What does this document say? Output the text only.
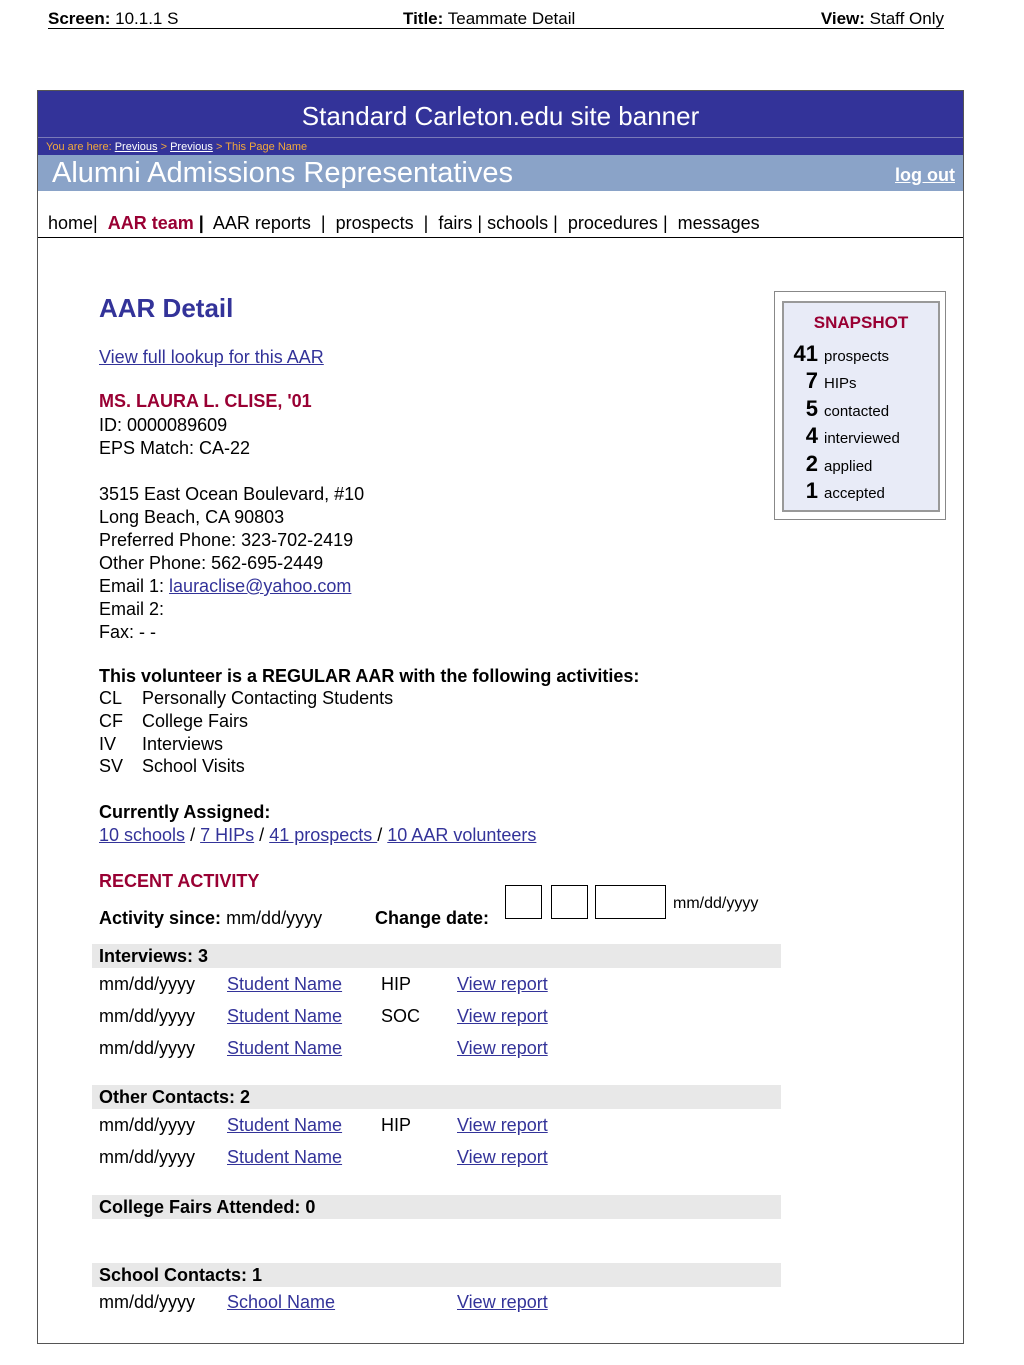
Screen: 10.1.1 S	Title: Teammate Detail	View: Staff Only
Standard Carleton.edu site banner
You are here: Previous > Previous > This Page Name
Alumni Admissions Representatives	log out
home| AAR team | AAR reports | prospects | fairs | schools | procedures | messages
AAR Detail
View full lookup for this AAR
MS. LAURA L. CLISE, '01
ID: 0000089609
EPS Match: CA-22
3515 East Ocean Boulevard, #10
Long Beach, CA 90803
Preferred Phone: 323-702-2419
Other Phone: 562-695-2449
Email 1: lauraclise@yahoo.com
Email 2:
Fax: - -
SNAPSHOT
41 prospects
7 HIPs
5 contacted
4 interviewed
2 applied
1 accepted
This volunteer is a REGULAR AAR with the following activities:
CL Personally Contacting Students
CF College Fairs
IV Interviews
SV School Visits
Currently Assigned:
10 schools / 7 HIPs / 41 prospects / 10 AAR volunteers
RECENT ACTIVITY
Activity since: mm/dd/yyyy	Change date:
mm/dd/yyyy
Interviews: 3
mm/dd/yyyy Student Name HIP	View report
mm/dd/yyyy Student Name SOC View report
mm/dd/yyyy Student Name	View report
Other Contacts: 2
mm/dd/yyyy Student Name HIP	View report
mm/dd/yyyy Student Name	View report
College Fairs Attended: 0
School Contacts: 1
mm/dd/yyyy School Name	View report
